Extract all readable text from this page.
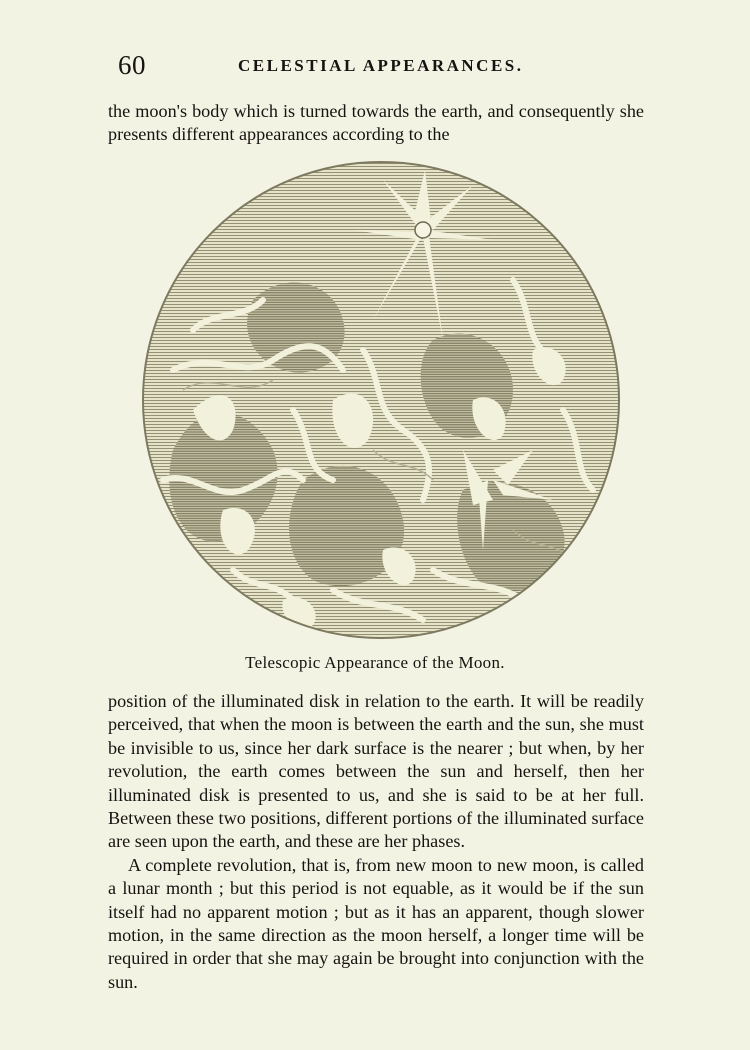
60	CELESTIAL APPEARANCES.

the moon's body which is turned towards the earth, and consequently she presents different appearances according to the

Telescopic Appearance of the Moon.

position of the illuminated disk in relation to the earth. It will be readily perceived, that when the moon is between the earth and the sun, she must be invisible to us, since her dark surface is the nearer ; but when, by her revolution, the earth comes between the sun and herself, then her illuminated disk is presented to us, and she is said to be at her full. Between these two positions, different portions of the illuminated surface are seen upon the earth, and these are her phases.

A complete revolution, that is, from new moon to new moon, is called a lunar month ; but this period is not equable, as it would be if the sun itself had no apparent motion ; but as it has an apparent, though slower motion, in the same direction as the moon herself, a longer time will be required in order that she may again be brought into conjunction with the sun.
